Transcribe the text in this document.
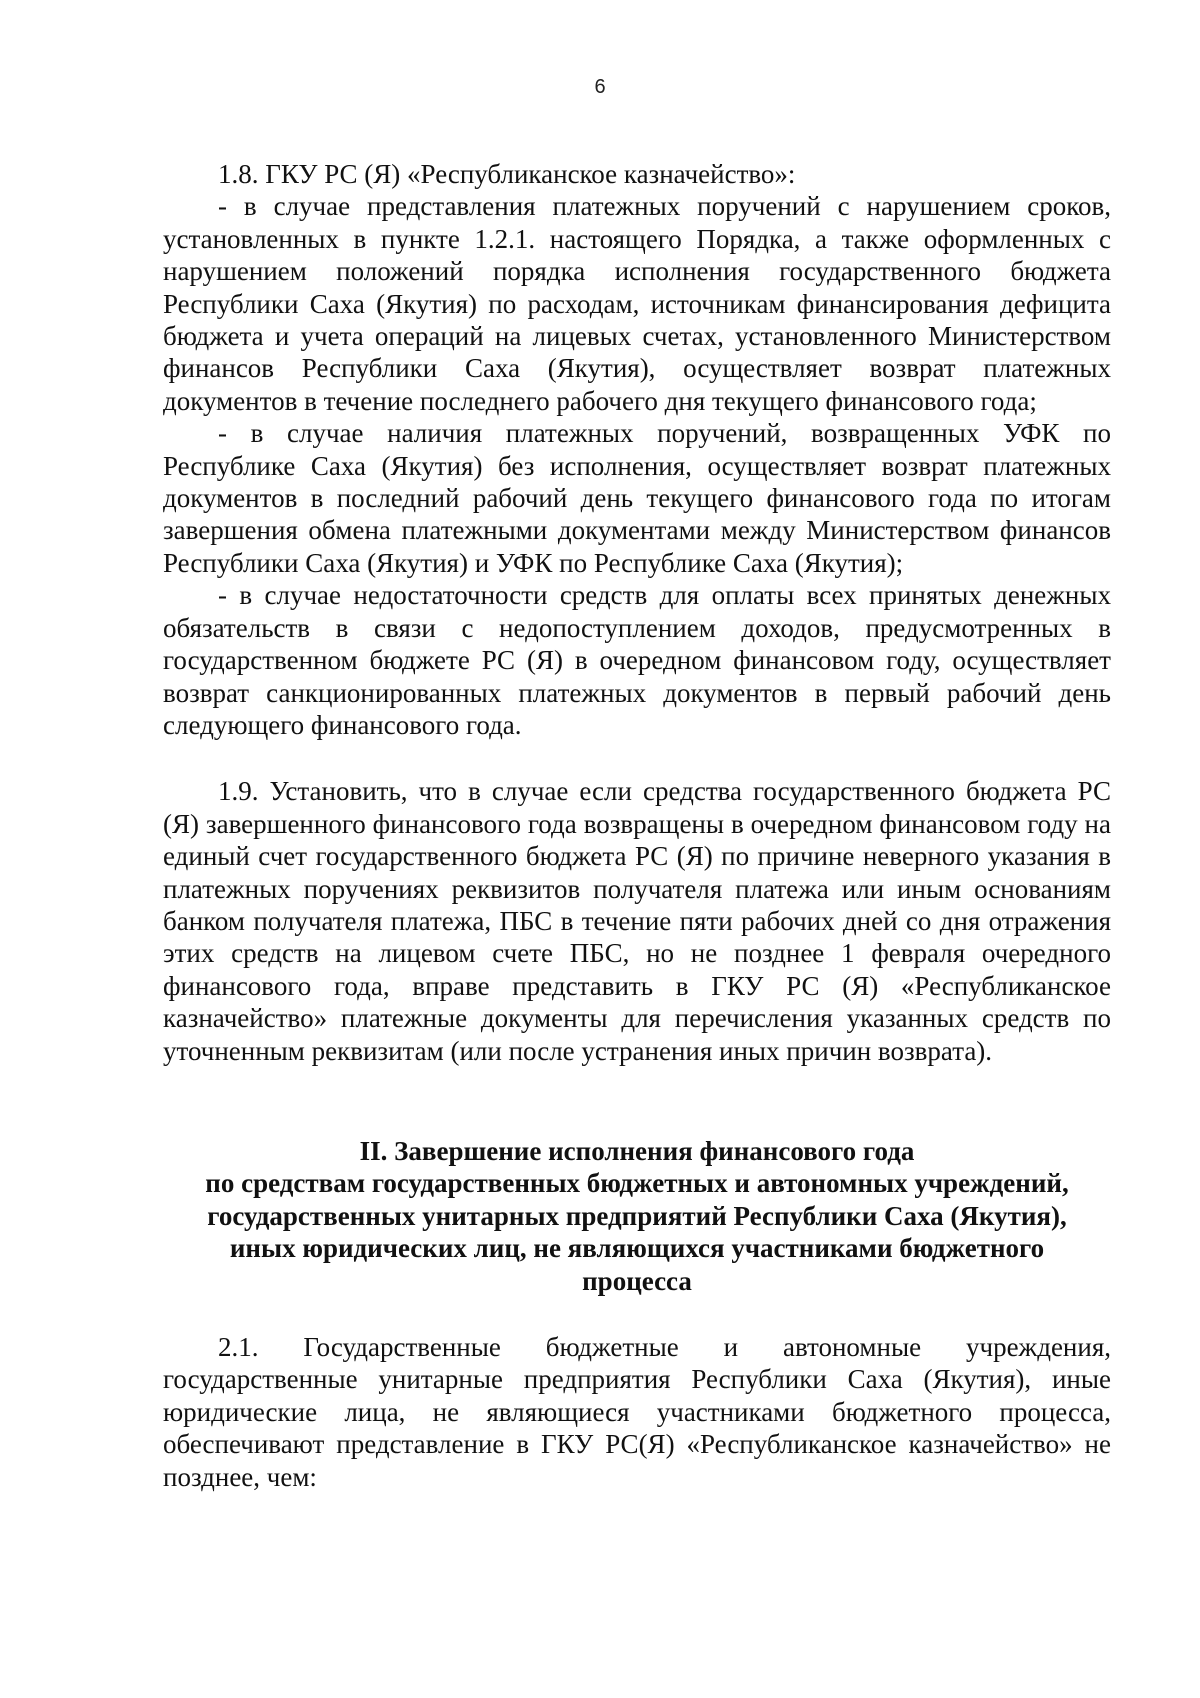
6

1.8. ГКУ РС (Я) «Республиканское казначейство»:

- в случае представления платежных поручений с нарушением сроков, установленных в пункте 1.2.1. настоящего Порядка, а также оформленных с нарушением положений порядка исполнения государственного бюджета Республики Саха (Якутия) по расходам, источникам финансирования дефицита бюджета и учета операций на лицевых счетах, установленного Министерством финансов Республики Саха (Якутия), осуществляет возврат платежных документов в течение последнего рабочего дня текущего финансового года;

- в случае наличия платежных поручений, возвращенных УФК по Республике Саха (Якутия) без исполнения, осуществляет возврат платежных документов в последний рабочий день текущего финансового года по итогам завершения обмена платежными документами между Министерством финансов Республики Саха (Якутия) и УФК по Республике Саха (Якутия);

- в случае недостаточности средств для оплаты всех принятых денежных обязательств в связи с недопоступлением доходов, предусмотренных в государственном бюджете РС (Я) в очередном финансовом году, осуществляет возврат санкционированных платежных документов в первый рабочий день следующего финансового года.

1.9. Установить, что в случае если средства государственного бюджета РС (Я) завершенного финансового года возвращены в очередном финансовом году на единый счет государственного бюджета РС (Я) по причине неверного указания в платежных поручениях реквизитов получателя платежа или иным основаниям банком получателя платежа, ПБС в течение пяти рабочих дней со дня отражения этих средств на лицевом счете ПБС, но не позднее 1 февраля очередного финансового года, вправе представить в ГКУ РС (Я) «Республиканское казначейство» платежные документы для перечисления указанных средств по уточненным реквизитам (или после устранения иных причин возврата).

II. Завершение исполнения финансового года
по средствам государственных бюджетных и автономных учреждений,
государственных унитарных предприятий Республики Саха (Якутия),
иных юридических лиц, не являющихся участниками бюджетного
процесса

2.1. Государственные бюджетные и автономные учреждения, государственные унитарные предприятия Республики Саха (Якутия), иные юридические лица, не являющиеся участниками бюджетного процесса, обеспечивают представление в ГКУ РС(Я) «Республиканское казначейство» не позднее, чем:
